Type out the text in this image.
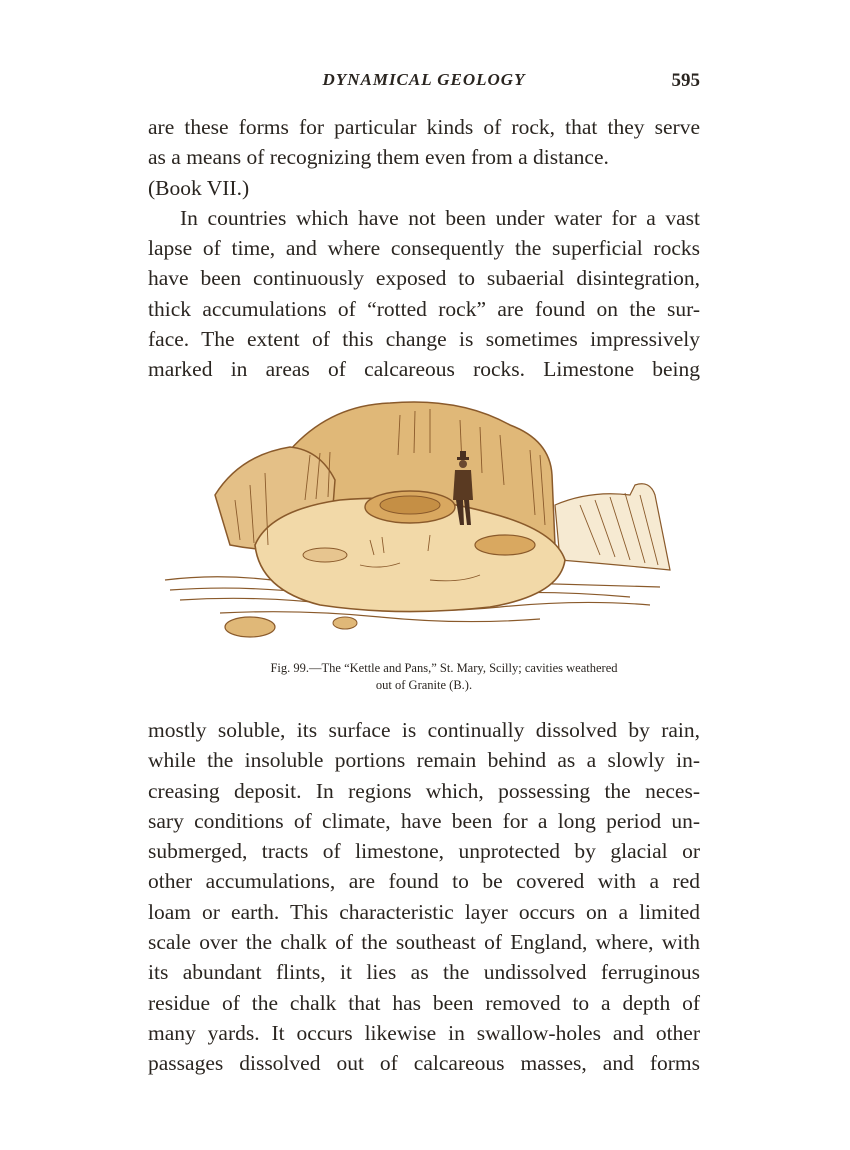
DYNAMICAL GEOLOGY	595
are these forms for particular kinds of rock, that they serve
as a means of recognizing them even from a distance.
(Book VII.)
In countries which have not been under water for a vast
lapse of time, and where consequently the superficial rocks
have been continuously exposed to subaerial disintegration,
thick accumulations of “rotted rock” are found on the sur-
face. The extent of this change is sometimes impressively
marked in areas of calcareous rocks. Limestone being
Fig. 99.—The “Kettle and Pans,” St. Mary, Scilly; cavities weathered
out of Granite (B.).
mostly soluble, its surface is continually dissolved by rain,
while the insoluble portions remain behind as a slowly in-
creasing deposit. In regions which, possessing the neces-
sary conditions of climate, have been for a long period un-
submerged, tracts of limestone, unprotected by glacial or
other accumulations, are found to be covered with a red
loam or earth. This characteristic layer occurs on a limited
scale over the chalk of the southeast of England, where, with
its abundant flints, it lies as the undissolved ferruginous
residue of the chalk that has been removed to a depth of
many yards. It occurs likewise in swallow-holes and other
passages dissolved out of calcareous masses, and forms
